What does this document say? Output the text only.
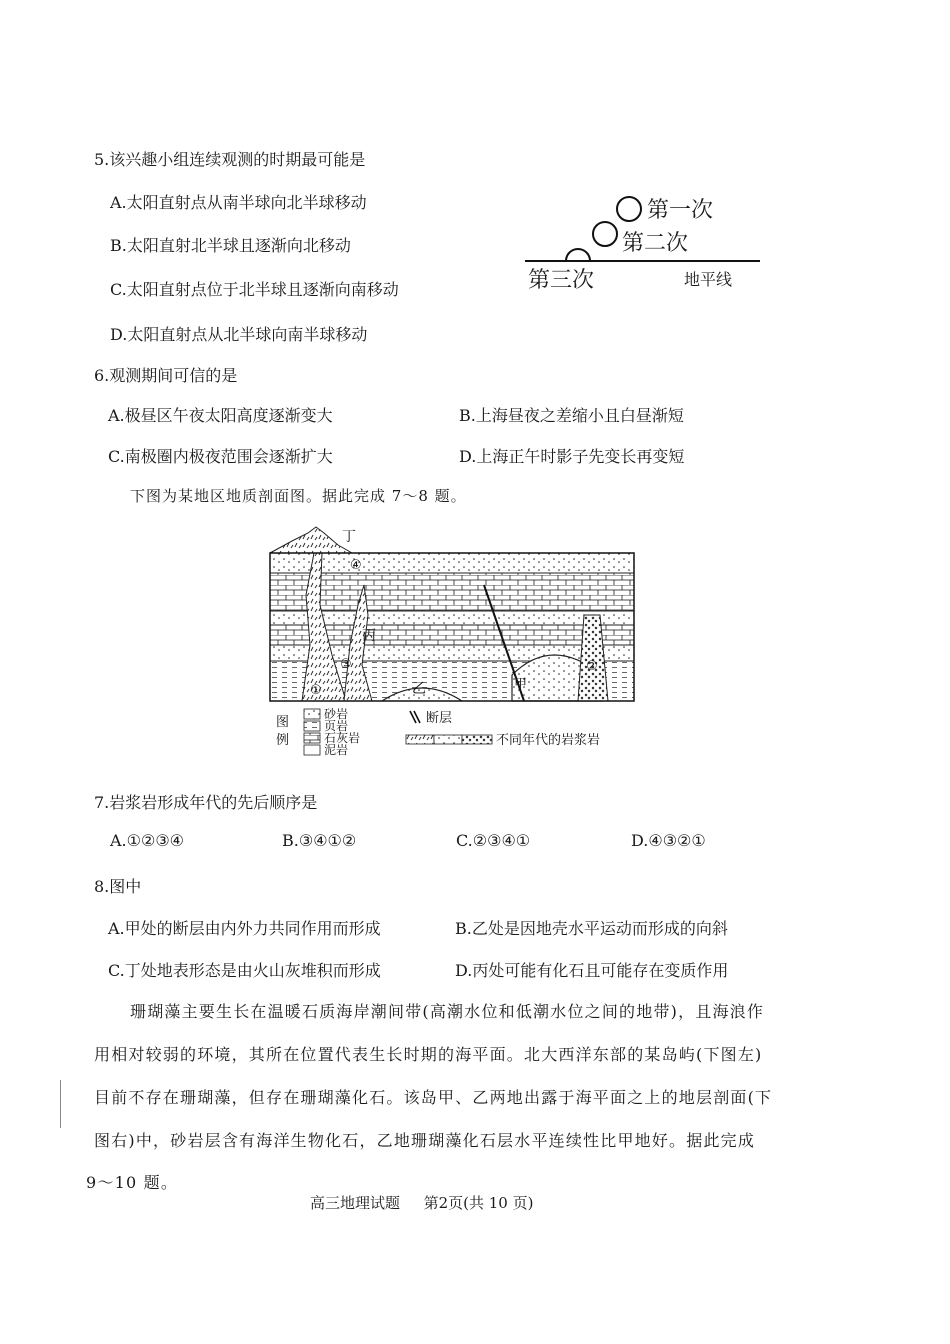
5.该兴趣小组连续观测的时期最可能是
A.太阳直射点从南半球向北半球移动
B.太阳直射北半球且逐渐向北移动
C.太阳直射点位于北半球且逐渐向南移动
D.太阳直射点从北半球向南半球移动
第一次
第二次
第三次	地平线
6.观测期间可信的是
A.极昼区午夜太阳高度逐渐变大	B.上海昼夜之差缩小且白昼渐短
C.南极圈内极夜范围会逐渐扩大	D.上海正午时影子先变长再变短
下图为某地区地质剖面图。据此完成 7～8 题。
丁
④
丙
③
①	乙	甲
②
图
例
砂岩
页岩
石灰岩
泥岩
断层
不同年代的岩浆岩
7.岩浆岩形成年代的先后顺序是
A.①②③④	B.③④①②	C.②③④①	D.④③②①
8.图中
A.甲处的断层由内外力共同作用而形成	B.乙处是因地壳水平运动而形成的向斜
C.丁处地表形态是由火山灰堆积而形成	D.丙处可能有化石且可能存在变质作用
珊瑚藻主要生长在温暖石质海岸潮间带(高潮水位和低潮水位之间的地带)，且海浪作
用相对较弱的环境，其所在位置代表生长时期的海平面。北大西洋东部的某岛屿(下图左)
目前不存在珊瑚藻，但存在珊瑚藻化石。该岛甲、乙两地出露于海平面之上的地层剖面(下
图右)中，砂岩层含有海洋生物化石，乙地珊瑚藻化石层水平连续性比甲地好。据此完成
9～10 题。
高三地理试题 第2页(共 10 页)
